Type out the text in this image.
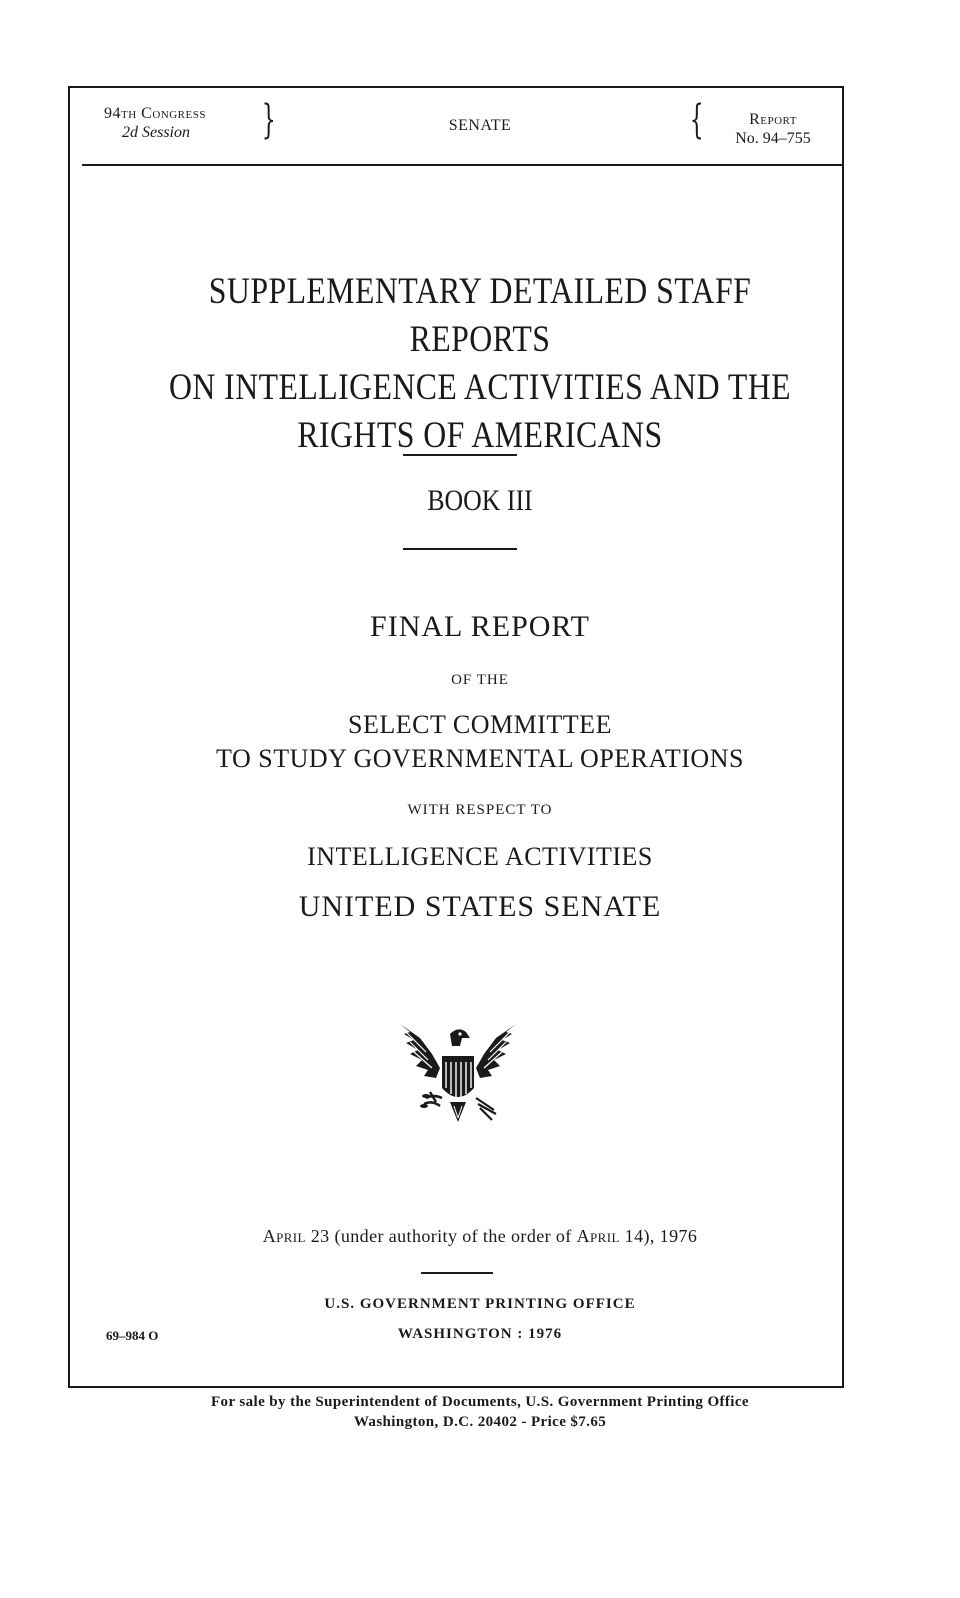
94th Congress
2d Session	}	SENATE	{	Report
No. 94–755
SUPPLEMENTARY DETAILED STAFF REPORTS
ON INTELLIGENCE ACTIVITIES AND THE
RIGHTS OF AMERICANS
BOOK III
FINAL REPORT
OF THE
SELECT COMMITTEE
TO STUDY GOVERNMENTAL OPERATIONS
WITH RESPECT TO
INTELLIGENCE ACTIVITIES
UNITED STATES SENATE
April 23 (under authority of the order of April 14), 1976
U.S. GOVERNMENT PRINTING OFFICE
69–984 O	WASHINGTON : 1976
For sale by the Superintendent of Documents, U.S. Government Printing Office
Washington, D.C. 20402 - Price $7.65
